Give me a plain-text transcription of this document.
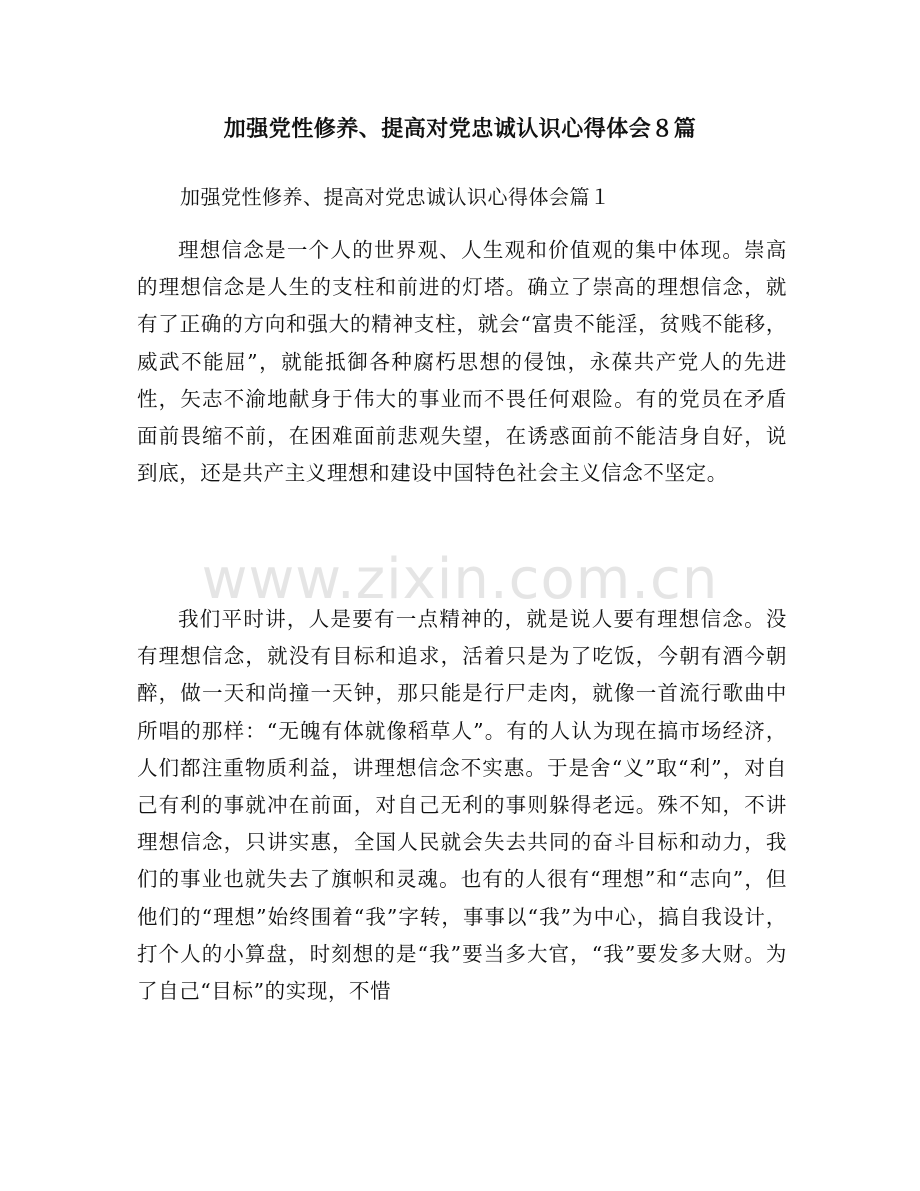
加强党性修养、提高对党忠诚认识心得体会８篇
加强党性修养、提高对党忠诚认识心得体会篇１

理想信念是一个人的世界观、人生观和价值观的集中体现。崇高的理想信念是人生的支柱和前进的灯塔。确立了崇高的理想信念，就有了正确的方向和强大的精神支柱，就会“富贵不能淫，贫贱不能移，威武不能屈”，就能抵御各种腐朽思想的侵蚀，永葆共产党人的先进性，矢志不渝地献身于伟大的事业而不畏任何艰险。有的党员在矛盾面前畏缩不前，在困难面前悲观失望，在诱惑面前不能洁身自好，说到底，还是共产主义理想和建设中国特色社会主义信念不坚定。

我们平时讲，人是要有一点精神的，就是说人要有理想信念。没有理想信念，就没有目标和追求，活着只是为了吃饭，今朝有酒今朝醉，做一天和尚撞一天钟，那只能是行尸走肉，就像一首流行歌曲中所唱的那样：“无魄有体就像稻草人”。有的人认为现在搞市场经济，人们都注重物质利益，讲理想信念不实惠。于是舍“义”取“利”，对自己有利的事就冲在前面，对自己无利的事则躲得老远。殊不知，不讲理想信念，只讲实惠，全国人民就会失去共同的奋斗目标和动力，我们的事业也就失去了旗帜和灵魂。也有的人很有“理想”和“志向”，但他们的“理想”始终围着“我”字转，事事以“我”为中心，搞自我设计，打个人的小算盘，时刻想的是“我”要当多大官，“我”要发多大财。为了自己“目标”的实现，不惜

www.zixin.com.cn
